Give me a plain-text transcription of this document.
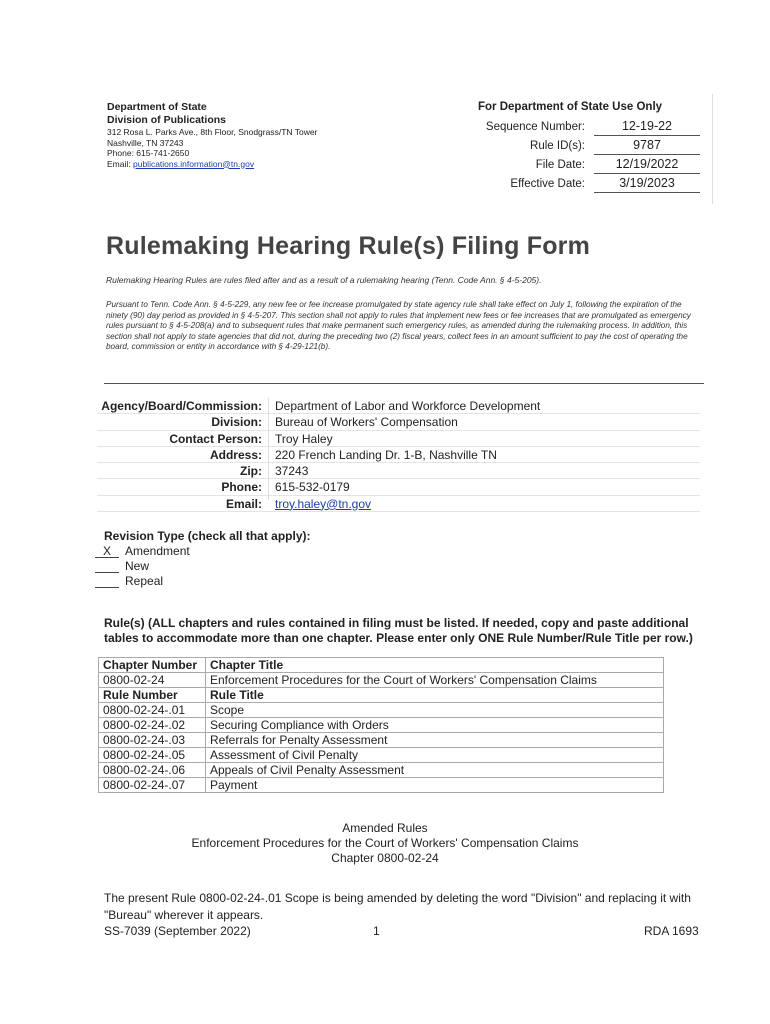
Department of State
Division of Publications
312 Rosa L. Parks Ave., 8th Floor, Snodgrass/TN Tower
Nashville, TN 37243
Phone: 615-741-2650
Email: publications.information@tn.gov
For Department of State Use Only
Sequence Number:	12-19-22
Rule ID(s):	9787
File Date:	12/19/2022
Effective Date:	3/19/2023
Rulemaking Hearing Rule(s) Filing Form
Rulemaking Hearing Rules are rules filed after and as a result of a rulemaking hearing (Tenn. Code Ann. § 4-5-205).
Pursuant to Tenn. Code Ann. § 4-5-229, any new fee or fee increase promulgated by state agency rule shall take effect on July 1, following the expiration of the ninety (90) day period as provided in § 4-5-207. This section shall not apply to rules that implement new fees or fee increases that are promulgated as emergency rules pursuant to § 4-5-208(a) and to subsequent rules that make permanent such emergency rules, as amended during the rulemaking process. In addition, this section shall not apply to state agencies that did not, during the preceding two (2) fiscal years, collect fees in an amount sufficient to pay the cost of operating the board, commission or entity in accordance with § 4-29-121(b).
Agency/Board/Commission: Department of Labor and Workforce Development
Division: Bureau of Workers' Compensation
Contact Person: Troy Haley
Address: 220 French Landing Dr. 1-B, Nashville TN
Zip: 37243
Phone: 615-532-0179
Email: troy.haley@tn.gov
Revision Type (check all that apply):
X	Amendment
New
Repeal
Rule(s) (ALL chapters and rules contained in filing must be listed. If needed, copy and paste additional tables to accommodate more than one chapter. Please enter only ONE Rule Number/Rule Title per row.)
Chapter Number	Chapter Title
0800-02-24	Enforcement Procedures for the Court of Workers' Compensation Claims
Rule Number	Rule Title
0800-02-24-.01	Scope
0800-02-24-.02	Securing Compliance with Orders
0800-02-24-.03	Referrals for Penalty Assessment
0800-02-24-.05	Assessment of Civil Penalty
0800-02-24-.06	Appeals of Civil Penalty Assessment
0800-02-24-.07	Payment
Amended Rules
Enforcement Procedures for the Court of Workers' Compensation Claims
Chapter 0800-02-24
The present Rule 0800-02-24-.01 Scope is being amended by deleting the word "Division" and replacing it with "Bureau" wherever it appears.
SS-7039 (September 2022)	1	RDA 1693
